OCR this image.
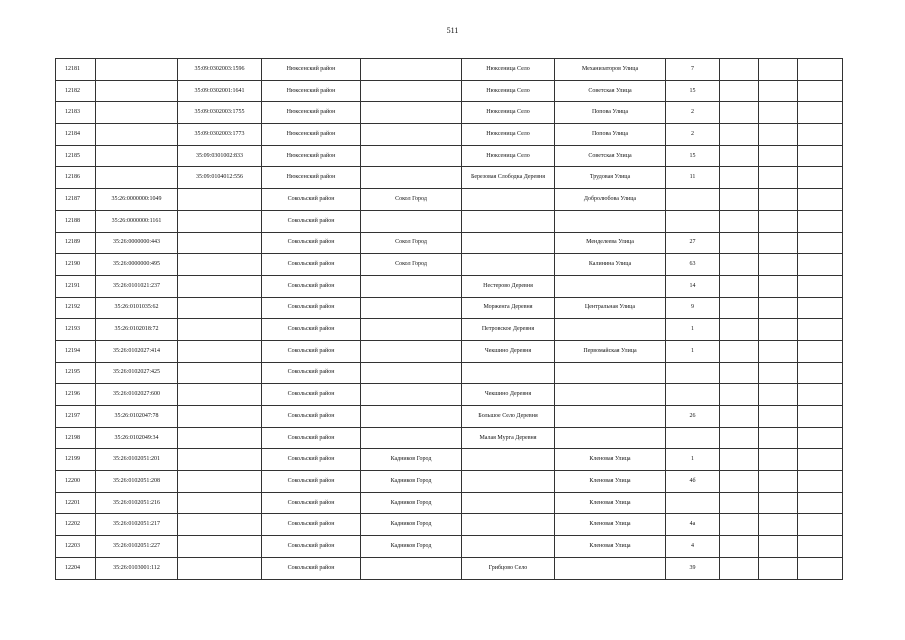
511
12181		35:09:0302003:1596	Нюксенский район		Нюксеница Село	Механизаторов Улица	7			
12182		35:09:0302001:1641	Нюксенский район		Нюксеница Село	Советская Улица	15			
12183		35:09:0302003:1755	Нюксенский район		Нюксеница Село	Попова Улица	2			
12184		35:09:0302003:1773	Нюксенский район		Нюксеница Село	Попова Улица	2			
12185		35:09:0301002:833	Нюксенский район		Нюксеница Село	Советская Улица	15			
12186		35:09:0104012:556	Нюксенский район		Березовая Слободка Деревня	Трудовая Улица	11			
12187	35:26:0000000:1049		Сокольский район	Сокол Город		Добролюбова Улица				
12188	35:26:0000000:1161		Сокольский район							
12189	35:26:0000000:443		Сокольский район	Сокол Город		Менделеева Улица	27			
12190	35:26:0000000:495		Сокольский район	Сокол Город		Калинина Улица	63			
12191	35:26:0101021:237		Сокольский район		Нестерово Деревня		14			
12192	35:26:0101035:62		Сокольский район		Морженга Деревня	Центральная Улица	9			
12193	35:26:0102018:72		Сокольский район		Петровское Деревня		1			
12194	35:26:0102027:414		Сокольский район		Чекшино Деревня	Первомайская Улица	1			
12195	35:26:0102027:425		Сокольский район							
12196	35:26:0102027:600		Сокольский район		Чекшино Деревня					
12197	35:26:0102047:78		Сокольский район		Большое Село Деревня		26			
12198	35:26:0102049:34		Сокольский район		Малая Мурга Деревня					
12199	35:26:0102051:201		Сокольский район	Кадников Город		Кленовая Улица	1			
12200	35:26:0102051:208		Сокольский район	Кадников Город		Кленовая Улица	4б			
12201	35:26:0102051:216		Сокольский район	Кадников Город		Кленовая Улица				
12202	35:26:0102051:217		Сокольский район	Кадников Город		Кленовая Улица	4а			
12203	35:26:0102051:227		Сокольский район	Кадников Город		Кленовая Улица	4			
12204	35:26:0103001:112		Сокольский район		Грибцово Село		39			
